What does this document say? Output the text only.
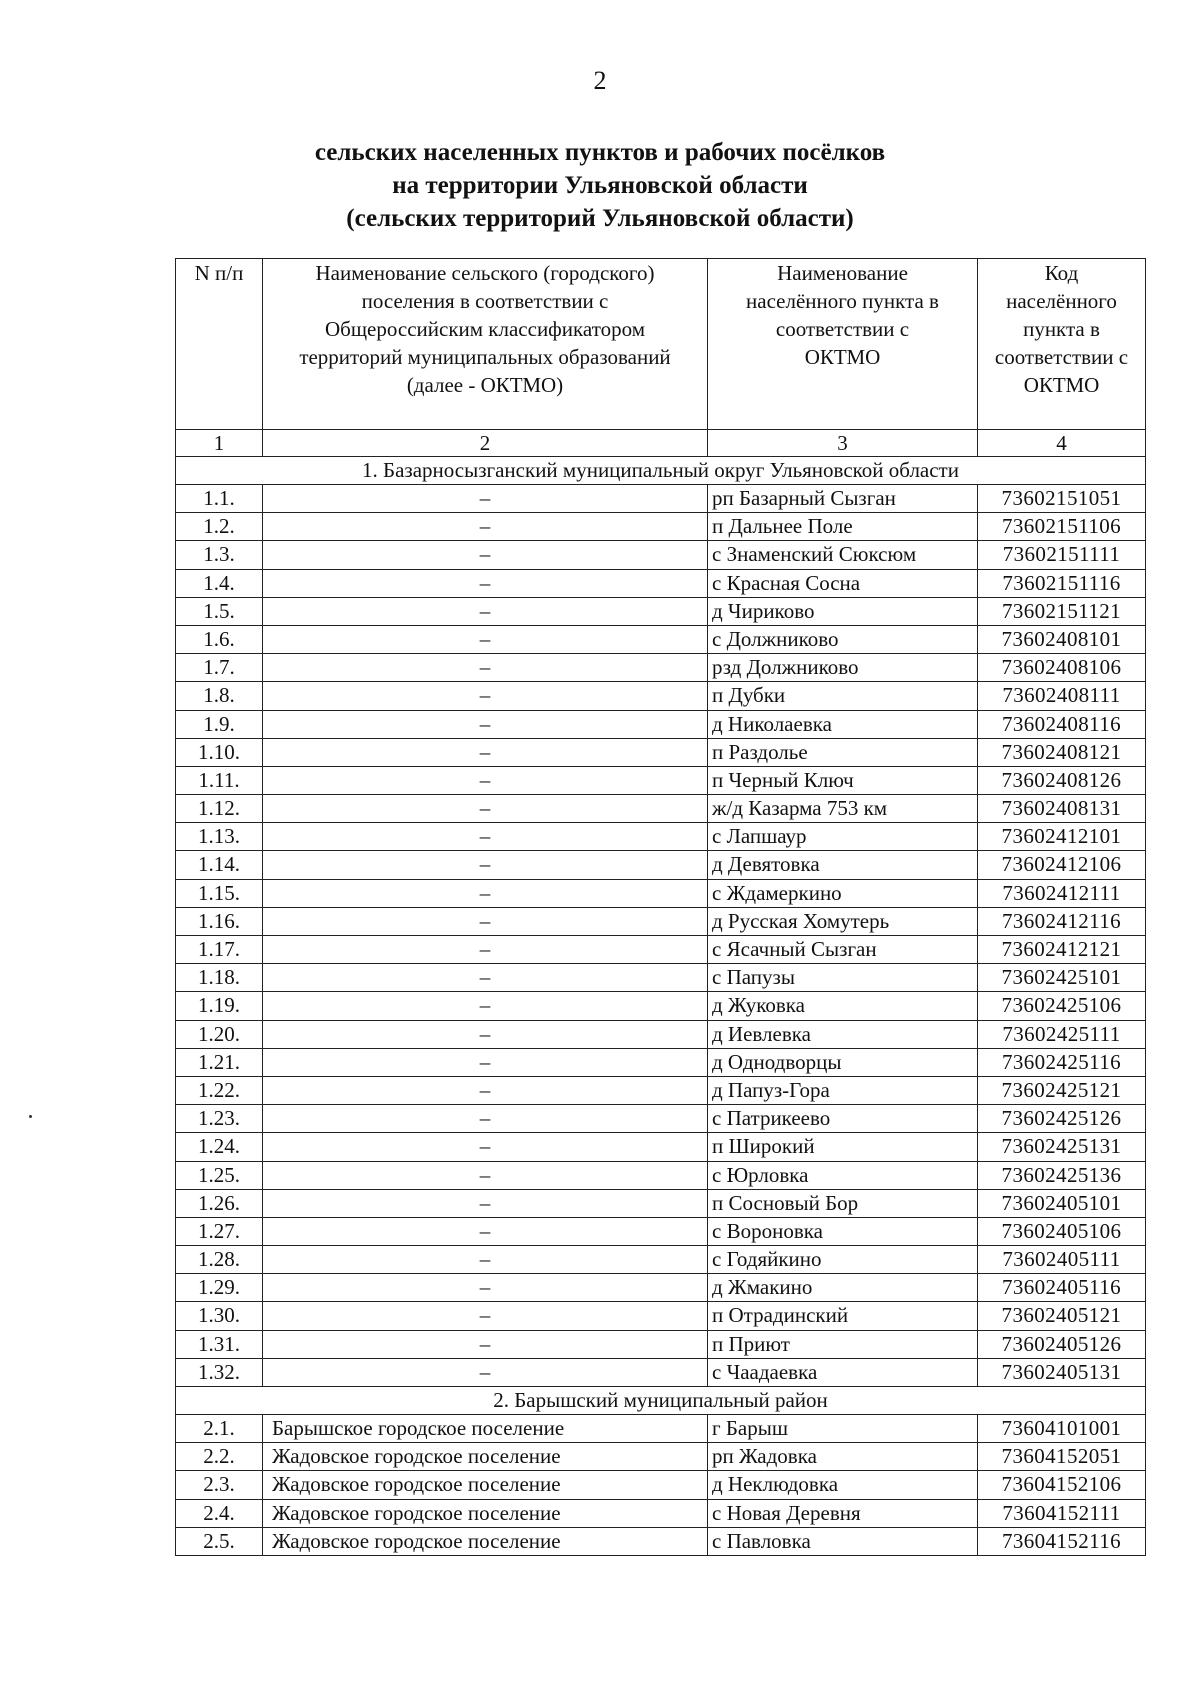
2
сельских населенных пунктов и рабочих посёлков
на территории Ульяновской области
(сельских территорий Ульяновской области)
N п/п	Наименование сельского (городского) поселения в соответствии с Общероссийским классификатором территорий муниципальных образований (далее - ОКТМО)	Наименование населённого пункта в соответствии с ОКТМО	Код населённого пункта в соответствии с ОКТМО

1	2	3	4
1. Базарносызганский муниципальный округ Ульяновской области			
1.1.	–	рп Базарный Сызган	73602151051
1.2.	–	п Дальнее Поле	73602151106
1.3.	–	с Знаменский Сюксюм	73602151111
1.4.	–	с Красная Сосна	73602151116
1.5.	–	д Чириково	73602151121
1.6.	–	с Должниково	73602408101
1.7.	–	рзд Должниково	73602408106
1.8.	–	п Дубки	73602408111
1.9.	–	д Николаевка	73602408116
1.10.	–	п Раздолье	73602408121
1.11.	–	п Черный Ключ	73602408126
1.12.	–	ж/д Казарма 753 км	73602408131
1.13.	–	с Лапшаур	73602412101
1.14.	–	д Девятовка	73602412106
1.15.	–	с Ждамеркино	73602412111
1.16.	–	д Русская Хомутерь	73602412116
1.17.	–	с Ясачный Сызган	73602412121
1.18.	–	с Папузы	73602425101
1.19.	–	д Жуковка	73602425106
1.20.	–	д Иевлевка	73602425111
1.21.	–	д Однодворцы	73602425116
1.22.	–	д Папуз-Гора	73602425121
1.23.	–	с Патрикеево	73602425126
1.24.	–	п Широкий	73602425131
1.25.	–	с Юрловка	73602425136
1.26.	–	п Сосновый Бор	73602405101
1.27.	–	с Вороновка	73602405106
1.28.	–	с Годяйкино	73602405111
1.29.	–	д Жмакино	73602405116
1.30.	–	п Отрадинский	73602405121
1.31.	–	п Приют	73602405126
1.32.	–	с Чаадаевка	73602405131
2. Барышский муниципальный район			
2.1.	Барышское городское поселение	г Барыш	73604101001
2.2.	Жадовское городское поселение	рп Жадовка	73604152051
2.3.	Жадовское городское поселение	д Неклюдовка	73604152106
2.4.	Жадовское городское поселение	с Новая Деревня	73604152111
2.5.	Жадовское городское поселение	с Павловка	73604152116
